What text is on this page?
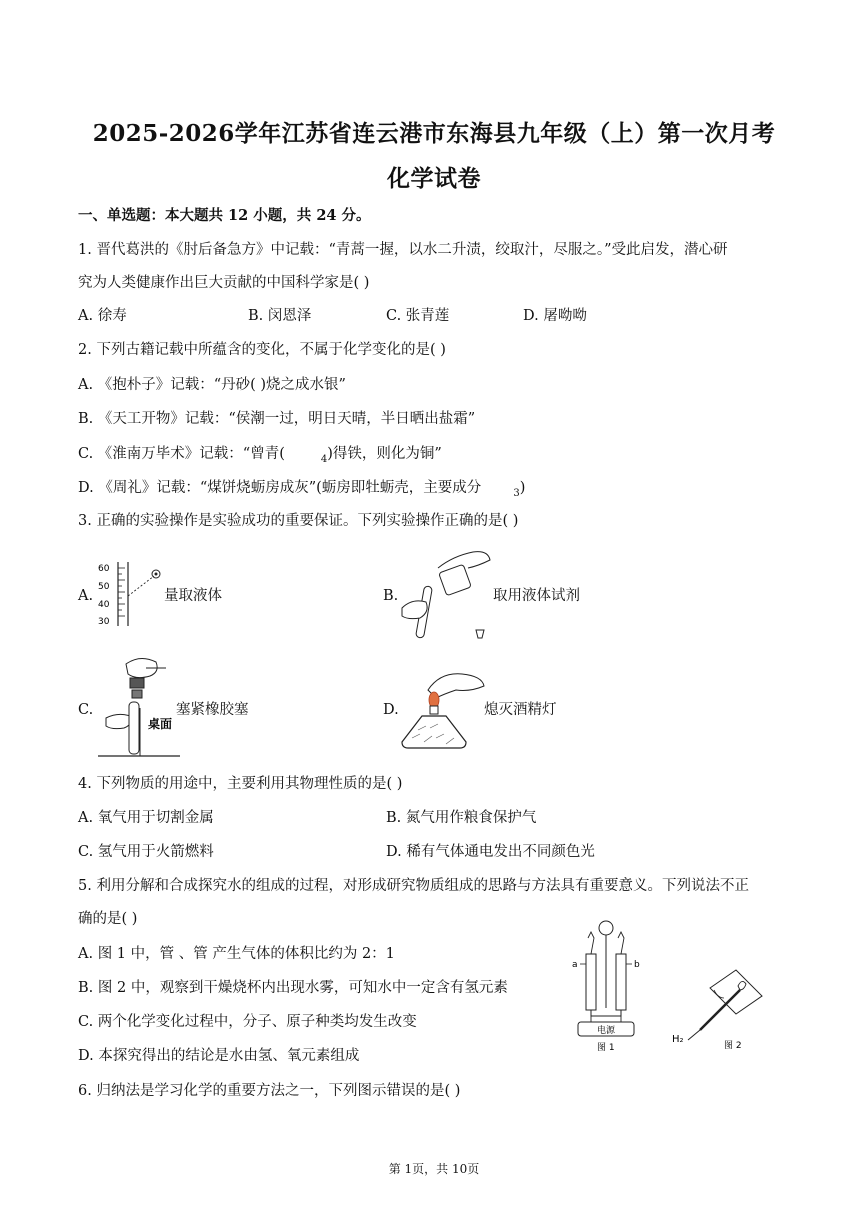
2025-2026学年江苏省连云港市东海县九年级（上）第一次月考
化学试卷
一、单选题：本大题共 12 小题，共 24 分。
1. 晋代葛洪的《肘后备急方》中记载：“青蒿一握，以水二升渍，绞取汁，尽服之。”受此启发，潜心研
究为人类健康作出巨大贡献的中国科学家是( )
A. 徐寿	B. 闵恩泽	C. 张青莲	D. 屠呦呦
2. 下列古籍记载中所蕴含的变化，不属于化学变化的是( )
A. 《抱朴子》记载：“丹砂( )烧之成水银”
B. 《天工开物》记载：“侯潮一过，明日天晴，半日晒出盐霜”
C. 《淮南万毕术》记载：“曾青(	$_4$)得铁，则化为铜”
D. 《周礼》记载：“煤饼烧蛎房成灰”(蛎房即牡蛎壳，主要成分	$_3$)
3. 正确的实验操作是实验成功的重要保证。下列实验操作正确的是( )
A.
60
50
40
30
量取液体	B.	取用液体试剂
C.
桌面
塞紧橡胶塞	D.	熄灭酒精灯
4. 下列物质的用途中，主要利用其物理性质的是( )
A. 氧气用于切割金属	B. 氮气用作粮食保护气
C. 氢气用于火箭燃料	D. 稀有气体通电发出不同颜色光
5. 利用分解和合成探究水的组成的过程，对形成研究物质组成的思路与方法具有重要意义。下列说法不正
确的是( )
A. 图 1 中，管 、管 产生气体的体积比约为 2：1
B. 图 2 中，观察到干燥烧杯内出现水雾，可知水中一定含有氢元素
C. 两个化学变化过程中，分子、原子种类均发生改变
D. 本探究得出的结论是水由氢、氧元素组成
a	b
电源
图 1
H₂
图 2
6. 归纳法是学习化学的重要方法之一，下列图示错误的是( )
第 1页，共 10页
